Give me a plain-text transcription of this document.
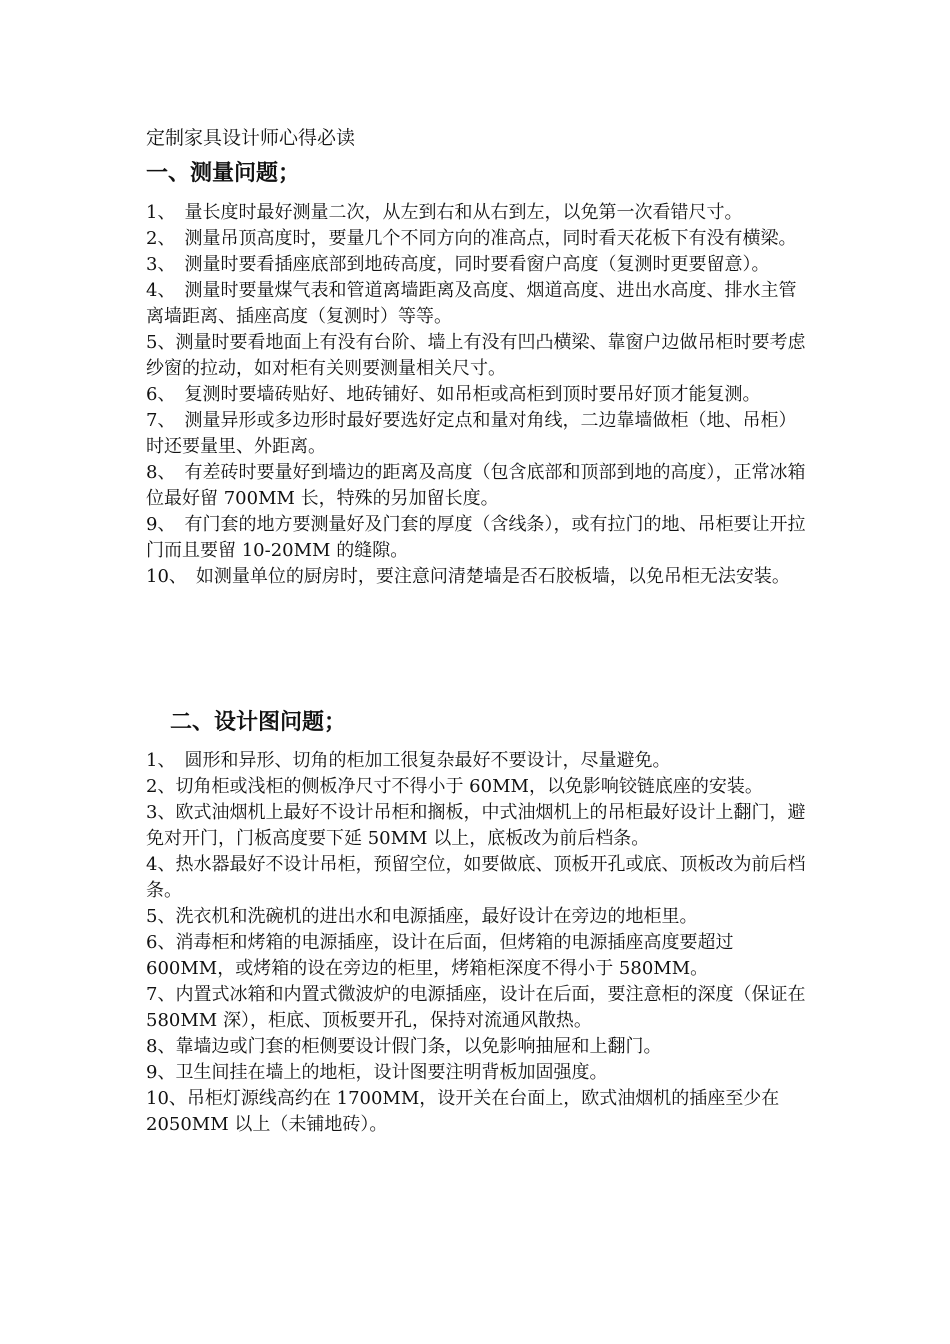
定制家具设计师心得必读
一、测量问题；
1、　量长度时最好测量二次，从左到右和从右到左，以免第一次看错尺寸。
2、　测量吊顶高度时，要量几个不同方向的准高点，同时看天花板下有没有横梁。
3、　测量时要看插座底部到地砖高度，同时要看窗户高度（复测时更要留意）。
4、　测量时要量煤气表和管道离墙距离及高度、烟道高度、进出水高度、排水主管离墙距离、插座高度（复测时）等等。
5、测量时要看地面上有没有台阶、墙上有没有凹凸横梁、靠窗户边做吊柜时要考虑纱窗的拉动，如对柜有关则要测量相关尺寸。
6、　复测时要墙砖贴好、地砖铺好、如吊柜或高柜到顶时要吊好顶才能复测。
7、　测量异形或多边形时最好要选好定点和量对角线，二边靠墙做柜（地、吊柜）时还要量里、外距离。
8、　有差砖时要量好到墙边的距离及高度（包含底部和顶部到地的高度），正常冰箱位最好留 700MM 长，特殊的另加留长度。
9、　有门套的地方要测量好及门套的厚度（含线条），或有拉门的地、吊柜要让开拉门而且要留 10-20MM 的缝隙。
10、　如测量单位的厨房时，要注意问清楚墙是否石胶板墙，以免吊柜无法安装。
二、设计图问题；
1、　圆形和异形、切角的柜加工很复杂最好不要设计，尽量避免。
2、切角柜或浅柜的侧板净尺寸不得小于 60MM，以免影响铰链底座的安装。
3、欧式油烟机上最好不设计吊柜和搁板，中式油烟机上的吊柜最好设计上翻门，避免对开门，门板高度要下延 50MM 以上，底板改为前后档条。
4、热水器最好不设计吊柜，预留空位，如要做底、顶板开孔或底、顶板改为前后档条。
5、洗衣机和洗碗机的进出水和电源插座，最好设计在旁边的地柜里。
6、消毒柜和烤箱的电源插座，设计在后面，但烤箱的电源插座高度要超过 600MM，或烤箱的设在旁边的柜里，烤箱柜深度不得小于 580MM。
7、内置式冰箱和内置式微波炉的电源插座，设计在后面，要注意柜的深度（保证在 580MM 深），柜底、顶板要开孔，保持对流通风散热。
8、靠墙边或门套的柜侧要设计假门条，以免影响抽屉和上翻门。
9、卫生间挂在墙上的地柜，设计图要注明背板加固强度。
10、吊柜灯源线高约在 1700MM，设开关在台面上，欧式油烟机的插座至少在 2050MM 以上（未铺地砖）。
